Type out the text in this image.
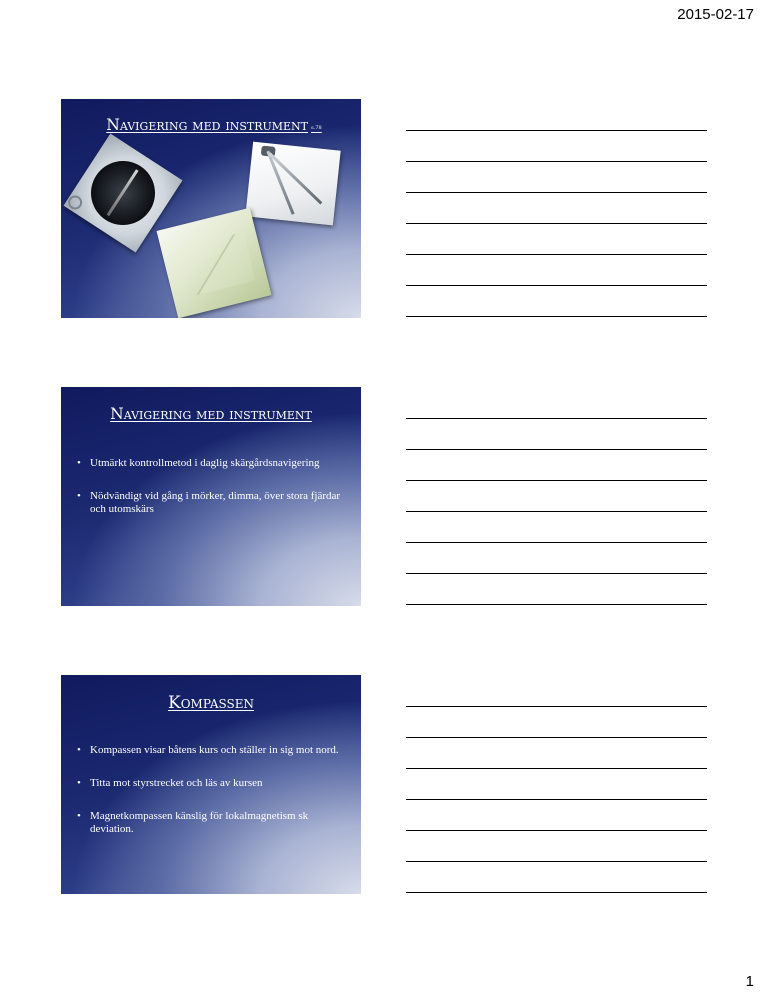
2015-02-17
Navigering med instrument s.78
Navigering med instrument
• Utmärkt kontrollmetod i daglig skärgårdsnavigering
• Nödvändigt vid gång i mörker, dimma, över stora fjärdar och utomskärs
Kompassen
• Kompassen visar båtens kurs och ställer in sig mot nord.
• Titta mot styrstrecket och läs av kursen
• Magnetkompassen känslig för lokalmagnetism sk deviation.
1
